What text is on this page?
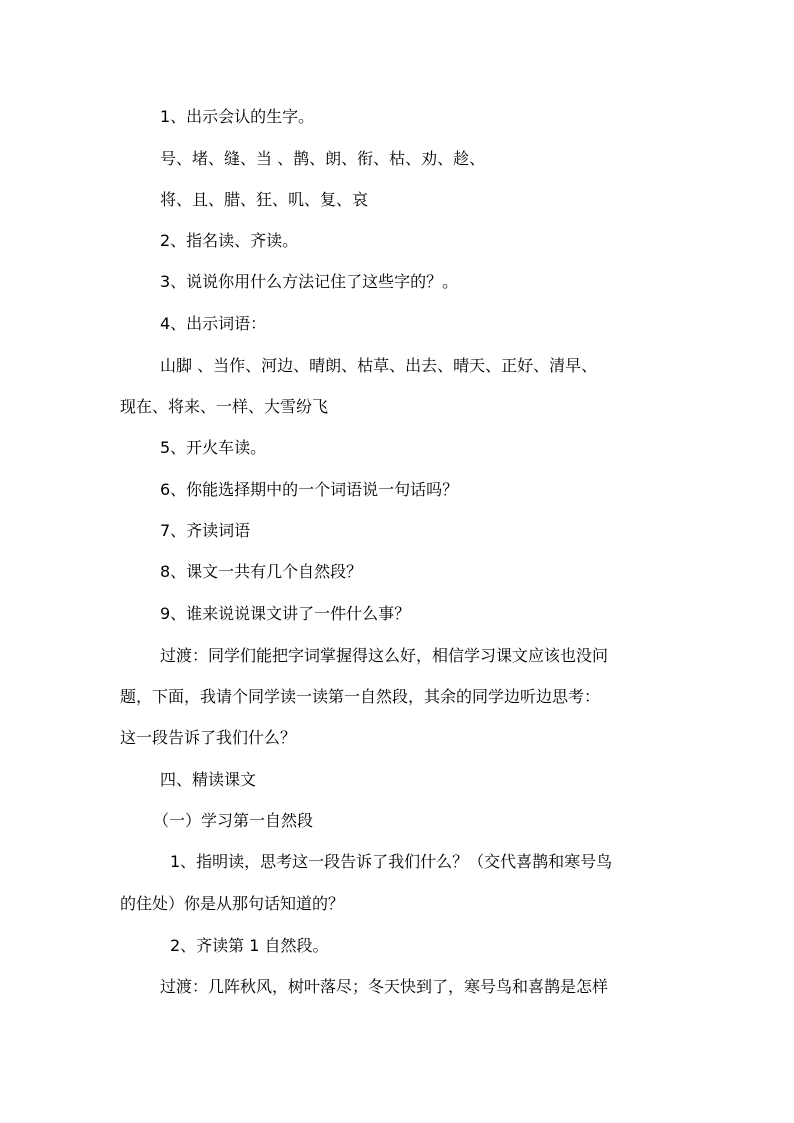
1、出示会认的生字。
号、堵、缝、当 、鹊、朗、衔、枯、劝、趁、
将、且、腊、狂、叽、复、哀
2、指名读、齐读。
3、说说你用什么方法记住了这些字的？。
4、出示词语：
山脚 、当作、河边、晴朗、枯草、出去、晴天、正好、清早、
现在、将来、一样、大雪纷飞
5、开火车读。
6、你能选择期中的一个词语说一句话吗？
7、齐读词语
8、课文一共有几个自然段？
9、谁来说说课文讲了一件什么事？
过渡：同学们能把字词掌握得这么好，相信学习课文应该也没问
题，下面，我请个同学读一读第一自然段，其余的同学边听边思考：
这一段告诉了我们什么？
四、精读课文
（一）学习第一自然段
1、指明读，思考这一段告诉了我们什么？（交代喜鹊和寒号鸟
的住处）你是从那句话知道的？
2、齐读第 1 自然段。
过渡：几阵秋风，树叶落尽；冬天快到了，寒号鸟和喜鹊是怎样
